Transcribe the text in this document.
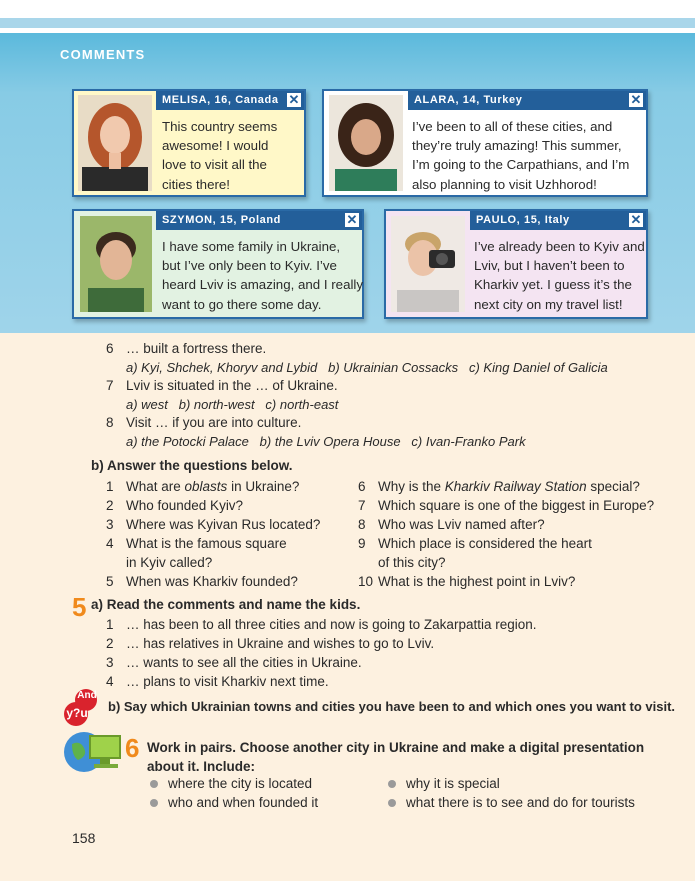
COMMENTS
MELISA, 16, Canada ✕
This country seems
awesome! I would
love to visit all the
cities there!
ALARA, 14, Turkey	✕
I’ve been to all of these cities, and
they’re truly amazing! This summer,
I’m going to the Carpathians, and I’m
also planning to visit Uzhhorod!
SZYMON, 15, Poland	✕
I have some family in Ukraine,
but I’ve only been to Kyiv. I’ve
heard Lviv is amazing, and I really
want to go there some day.
PAULO, 15, Italy	✕
I’ve already been to Kyiv and
Lviv, but I haven’t been to
Kharkiv yet. I guess it’s the
next city on my travel list!
6 … built a fortress there.
a) Kyi, Shchek, Khoryv and Lybid   b) Ukrainian Cossacks   c) King Daniel of Galicia
7 Lviv is situated in the … of Ukraine.
a) west   b) north-west   c) north-east
8 Visit … if you are into culture.
a) the Potocki Palace   b) the Lviv Opera House   c) Ivan-Franko Park
b) Answer the questions below.
1 What are oblasts in Ukraine?
2 Who founded Kyiv?
3 Where was Kyivan Rus located?
4 What is the famous square
in Kyiv called?
5 When was Kharkiv founded?
6 Why is the Kharkiv Railway Station special?
7 Which square is one of the biggest in Europe?
8 Who was Lviv named after?
9 Which place is considered the heart
of this city?
10 What is the highest point in Lviv?
5 a) Read the comments and name the kids.
1 … has been to all three cities and now is going to Zakarpattia region.
2 … has relatives in Ukraine and wishes to go to Lviv.
3 … wants to see all the cities in Ukraine.
4 … plans to visit Kharkiv next time.
And
y?u	b) Say which Ukrainian towns and cities you have been to and which ones you want to visit.
6 Work in pairs. Choose another city in Ukraine and make a digital presentation
about it. Include:
where the city is located
who and when founded it
why it is special
what there is to see and do for tourists
158
